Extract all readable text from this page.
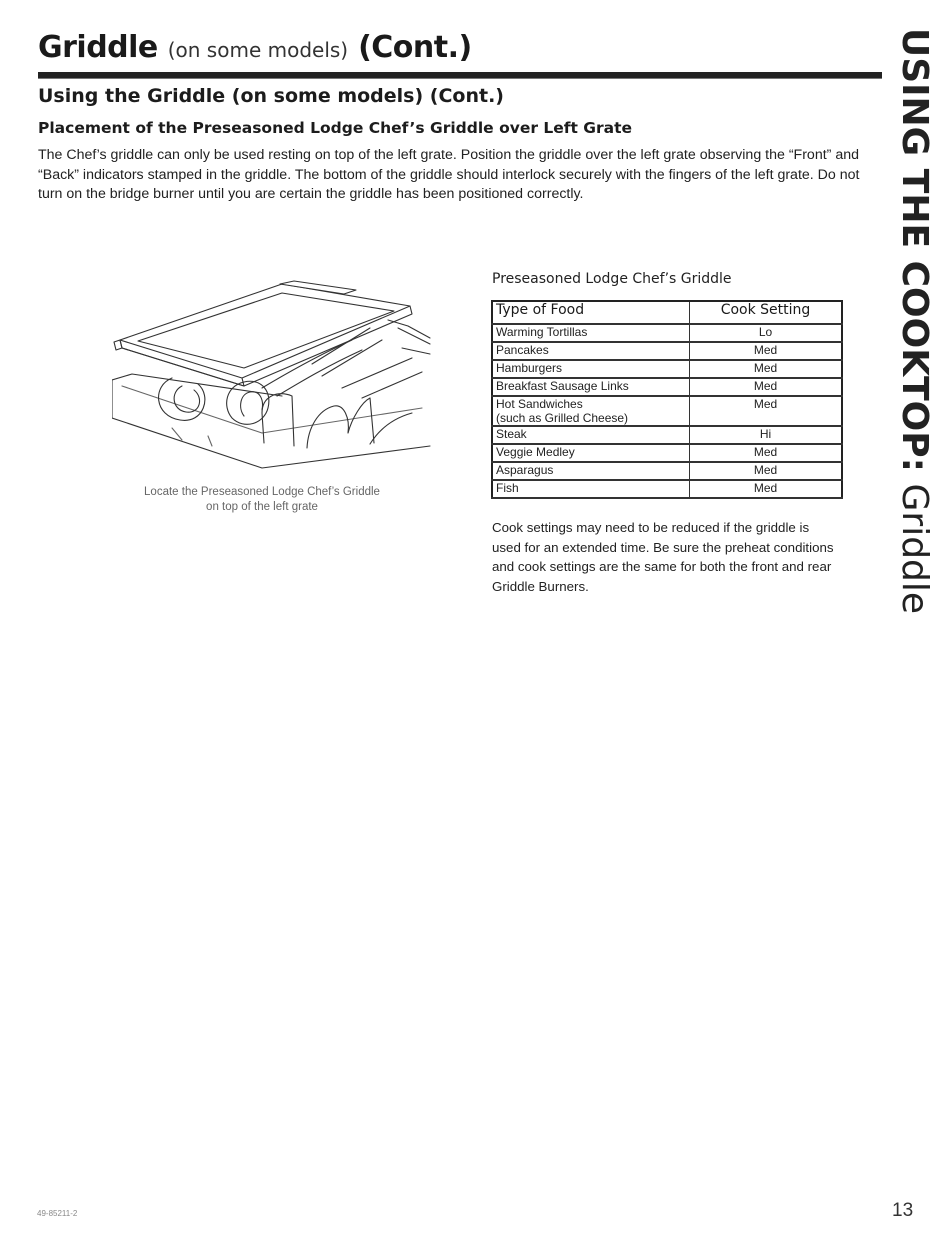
Griddle (on some models) (Cont.)
Using the Griddle (on some models) (Cont.)
Placement of the Preseasoned Lodge Chef’s Griddle over Left Grate

The Chef’s griddle can only be used resting on top of the left grate. Position the griddle over the left grate observing the “Front” and “Back” indicators stamped in the griddle. The bottom of the griddle should interlock securely with the fingers of the left grate. Do not turn on the bridge burner until you are certain the griddle has been positioned correctly.	USING THE COOKTOP: Griddle

Locate the Preseasoned Lodge Chef’s Griddle
on top of the left grate

Preseasoned Lodge Chef’s Griddle
Type of Food	Cook Setting
Warming Tortillas	Lo
Pancakes	Med
Hamburgers	Med
Breakfast Sausage Links	Med
Hot Sandwiches
(such as Grilled Cheese)	Med
Steak	Hi
Veggie Medley	Med
Asparagus	Med
Fish	Med

Cook settings may need to be reduced if the griddle is used for an extended time. Be sure the preheat conditions and cook settings are the same for both the front and rear Griddle Burners.

49-85211-2	13
